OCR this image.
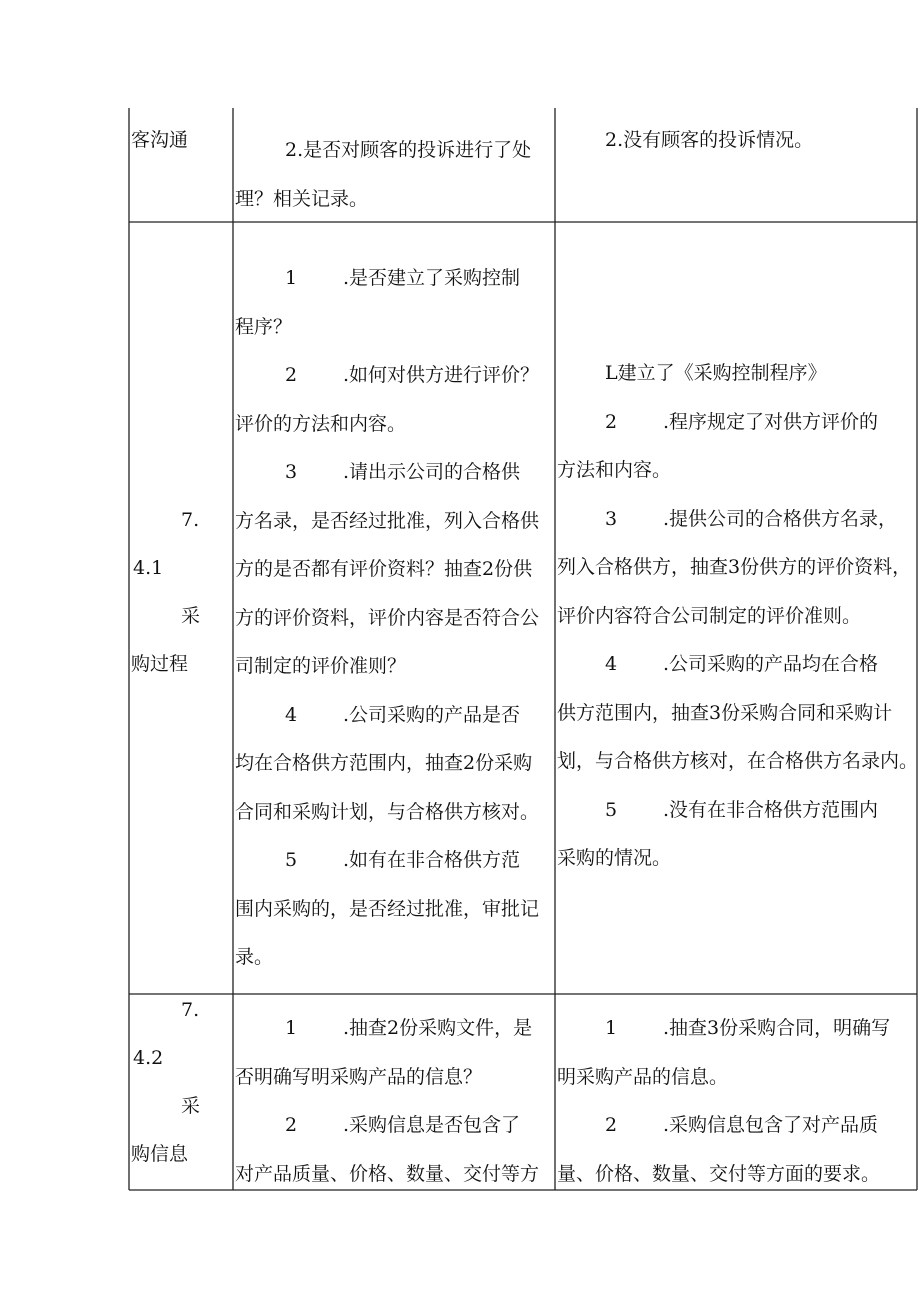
客沟通	2.是否对顾客的投诉进行了处

理？相关记录。

2.没有顾客的投诉情况。

7.
4.1
采
购过程

1 .是否建立了采购控制

程序？

2 .如何对供方进行评价？

评价的方法和内容。

3 .请出示公司的合格供

方名录，是否经过批准，列入合格供

方的是否都有评价资料？抽查2份供

方的评价资料，评价内容是否符合公

司制定的评价准则？

4 .公司采购的产品是否

均在合格供方范围内，抽查2份采购

合同和采购计划，与合格供方核对。

5 .如有在非合格供方范

围内采购的，是否经过批准，审批记

录。

L建立了《采购控制程序》

2 .程序规定了对供方评价的

方法和内容。

3 .提供公司的合格供方名录，

列入合格供方，抽查3份供方的评价资料，

评价内容符合公司制定的评价准则。

4 .公司采购的产品均在合格

供方范围内，抽查3份采购合同和采购计

划，与合格供方核对，在合格供方名录内。

5 .没有在非合格供方范围内

采购的情况。

7.
4.2
采
购信息

1 .抽查2份采购文件，是

否明确写明采购产品的信息？

2 .采购信息是否包含了

对产品质量、价格、数量、交付等方

1 .抽查3份采购合同，明确写

明采购产品的信息。

2 .采购信息包含了对产品质

量、价格、数量、交付等方面的要求。
